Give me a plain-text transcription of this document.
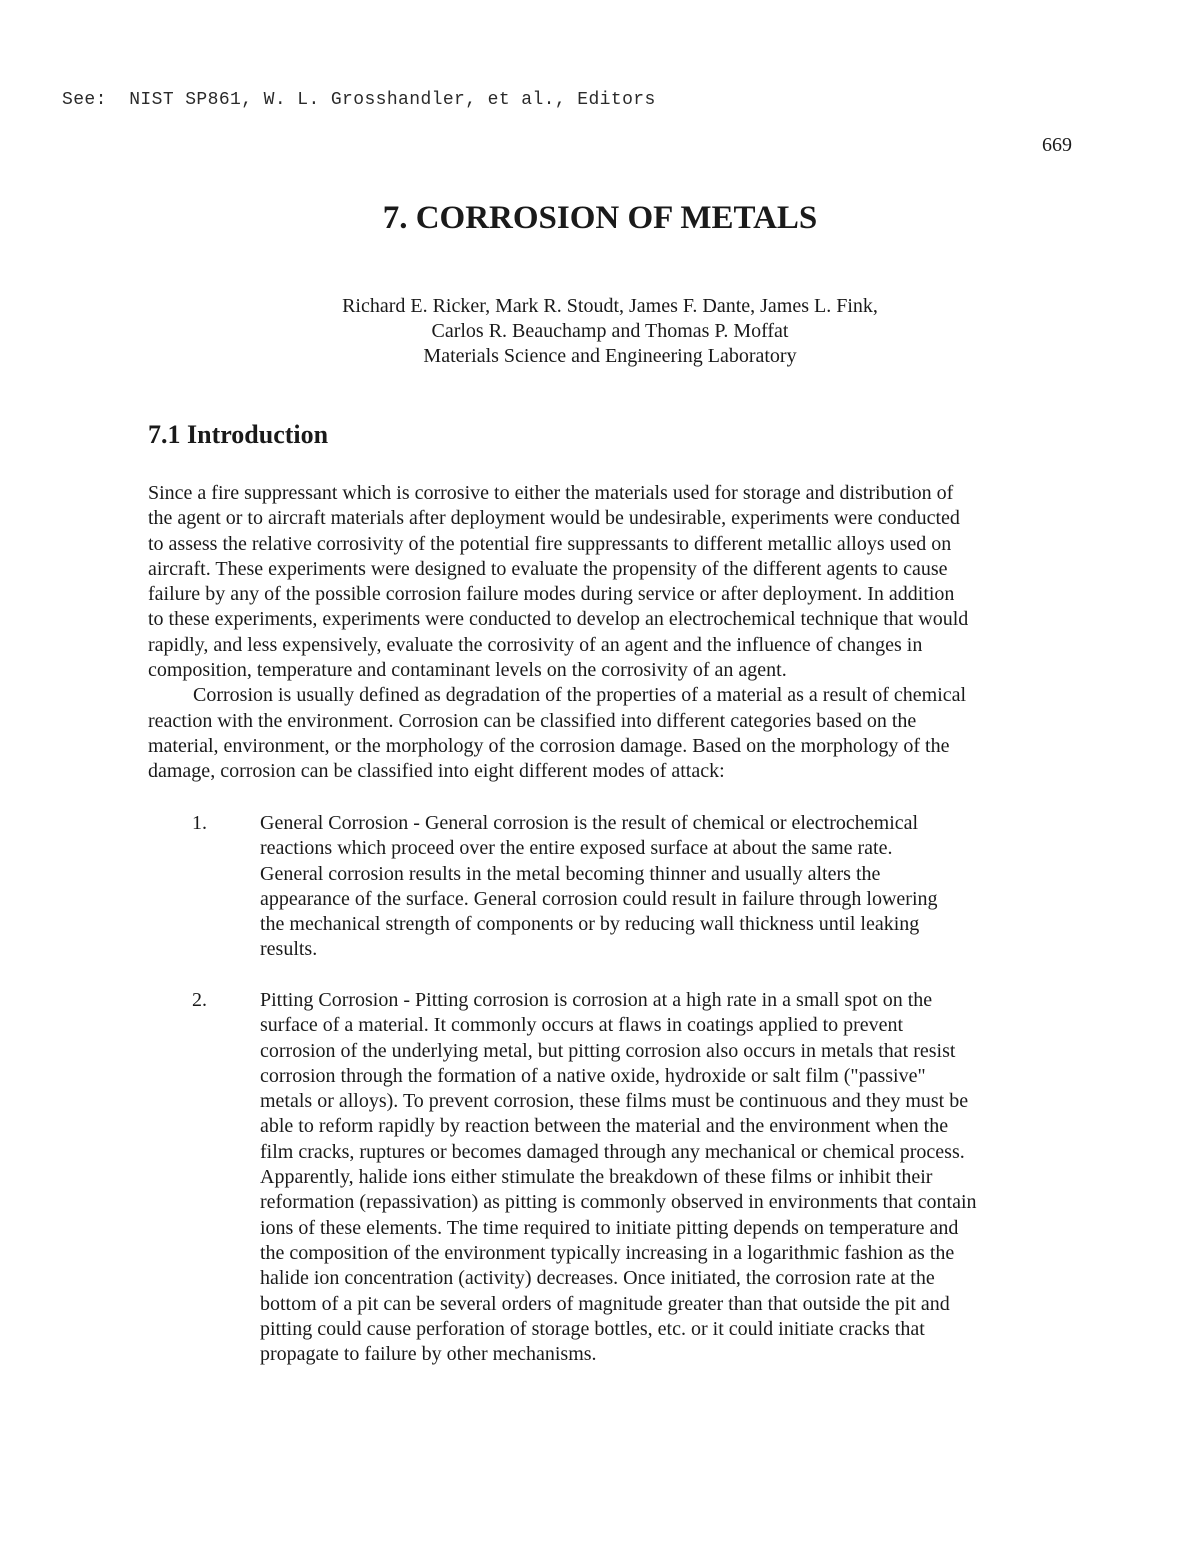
See:  NIST SP861, W. L. Grosshandler, et al., Editors
669
7. CORROSION OF METALS
Richard E. Ricker, Mark R. Stoudt, James F. Dante, James L. Fink,
Carlos R. Beauchamp and Thomas P. Moffat
Materials Science and Engineering Laboratory
7.1 Introduction
Since a fire suppressant which is corrosive to either the materials used for storage and distribution of
the agent or to aircraft materials after deployment would be undesirable, experiments were conducted
to assess the relative corrosivity of the potential fire suppressants to different metallic alloys used on
aircraft. These experiments were designed to evaluate the propensity of the different agents to cause
failure by any of the possible corrosion failure modes during service or after deployment. In addition
to these experiments, experiments were conducted to develop an electrochemical technique that would
rapidly, and less expensively, evaluate the corrosivity of an agent and the influence of changes in
composition, temperature and contaminant levels on the corrosivity of an agent.
Corrosion is usually defined as degradation of the properties of a material as a result of chemical
reaction with the environment. Corrosion can be classified into different categories based on the
material, environment, or the morphology of the corrosion damage. Based on the morphology of the
damage, corrosion can be classified into eight different modes of attack:
1.	General Corrosion - General corrosion is the result of chemical or electrochemical
reactions which proceed over the entire exposed surface at about the same rate.
General corrosion results in the metal becoming thinner and usually alters the
appearance of the surface. General corrosion could result in failure through lowering
the mechanical strength of components or by reducing wall thickness until leaking
results.
2.	Pitting Corrosion - Pitting corrosion is corrosion at a high rate in a small spot on the
surface of a material. It commonly occurs at flaws in coatings applied to prevent
corrosion of the underlying metal, but pitting corrosion also occurs in metals that resist
corrosion through the formation of a native oxide, hydroxide or salt film ("passive"
metals or alloys). To prevent corrosion, these films must be continuous and they must be
able to reform rapidly by reaction between the material and the environment when the
film cracks, ruptures or becomes damaged through any mechanical or chemical process.
Apparently, halide ions either stimulate the breakdown of these films or inhibit their
reformation (repassivation) as pitting is commonly observed in environments that contain
ions of these elements. The time required to initiate pitting depends on temperature and
the composition of the environment typically increasing in a logarithmic fashion as the
halide ion concentration (activity) decreases. Once initiated, the corrosion rate at the
bottom of a pit can be several orders of magnitude greater than that outside the pit and
pitting could cause perforation of storage bottles, etc. or it could initiate cracks that
propagate to failure by other mechanisms.
